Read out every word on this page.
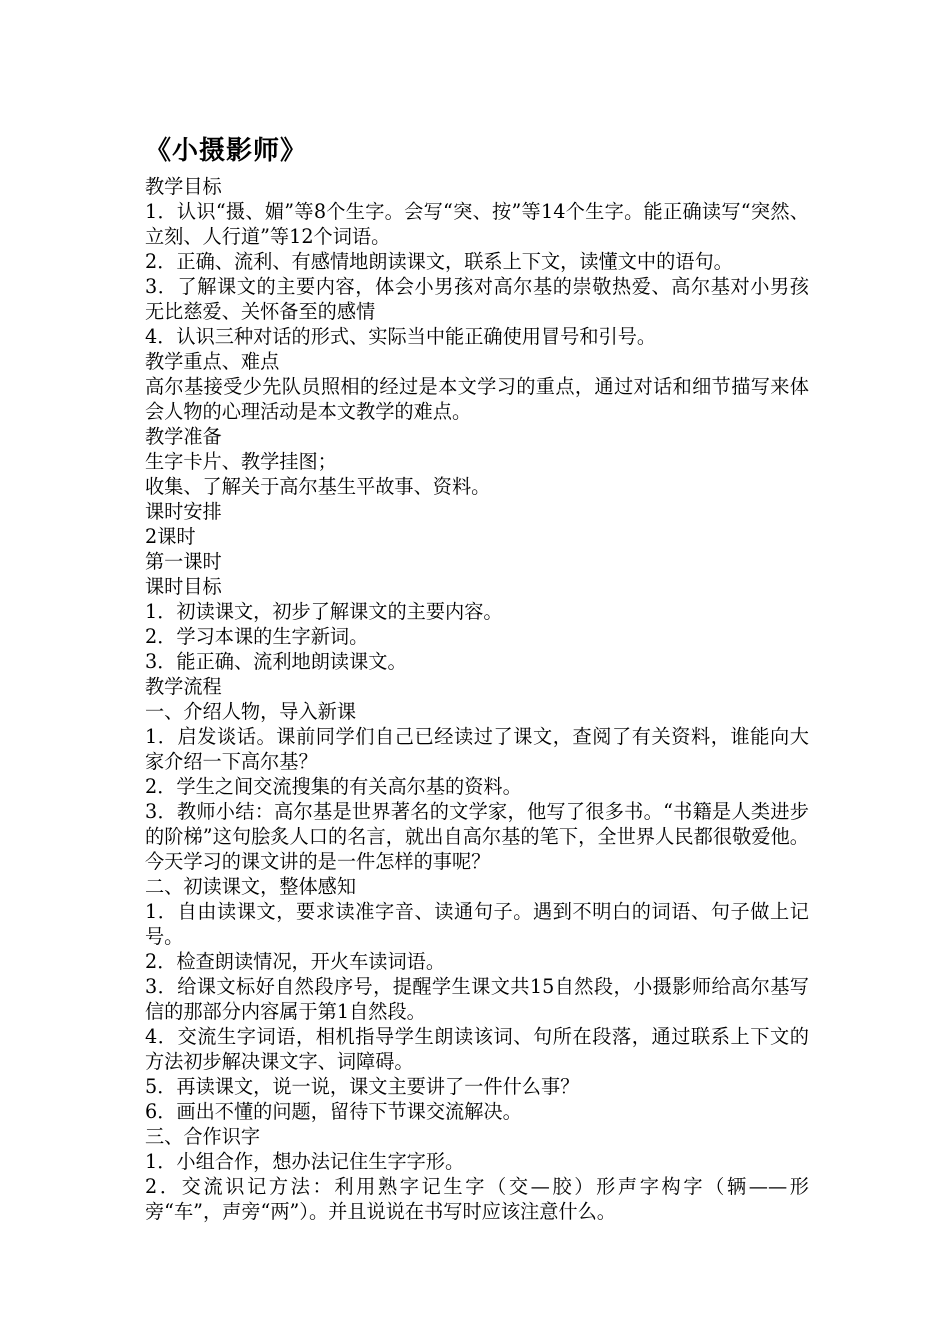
《小摄影师》

教学目标

1．认识“摄、媚”等8个生字。会写“突、按”等14个生字。能正确读写“突然、立刻、人行道”等12个词语。

2．正确、流利、有感情地朗读课文，联系上下文，读懂文中的语句。

3．了解课文的主要内容，体会小男孩对高尔基的崇敬热爱、高尔基对小男孩无比慈爱、关怀备至的感情

4．认识三种对话的形式、实际当中能正确使用冒号和引号。

教学重点、难点

高尔基接受少先队员照相的经过是本文学习的重点，通过对话和细节描写来体会人物的心理活动是本文教学的难点。

教学准备

生字卡片、教学挂图；

收集、了解关于高尔基生平故事、资料。

课时安排

2课时

第一课时

课时目标

1．初读课文，初步了解课文的主要内容。

2．学习本课的生字新词。

3．能正确、流利地朗读课文。

教学流程

一、介绍人物，导入新课

1．启发谈话。课前同学们自己已经读过了课文，查阅了有关资料，谁能向大家介绍一下高尔基？

2．学生之间交流搜集的有关高尔基的资料。

3．教师小结：高尔基是世界著名的文学家，他写了很多书。“书籍是人类进步的阶梯”这句脍炙人口的名言，就出自高尔基的笔下，全世界人民都很敬爱他。今天学习的课文讲的是一件怎样的事呢？

二、初读课文，整体感知

1．自由读课文，要求读准字音、读通句子。遇到不明白的词语、句子做上记号。

2．检查朗读情况，开火车读词语。

3．给课文标好自然段序号，提醒学生课文共15自然段，小摄影师给高尔基写信的那部分内容属于第1自然段。

4．交流生字词语，相机指导学生朗读该词、句所在段落，通过联系上下文的方法初步解决课文字、词障碍。

5．再读课文，说一说，课文主要讲了一件什么事？

6．画出不懂的问题，留待下节课交流解决。

三、合作识字

1．小组合作，想办法记住生字字形。

2．交流识记方法：利用熟字记生字（交—胶）形声字构字（辆——形旁“车”，声旁“两”）。并且说说在书写时应该注意什么。
